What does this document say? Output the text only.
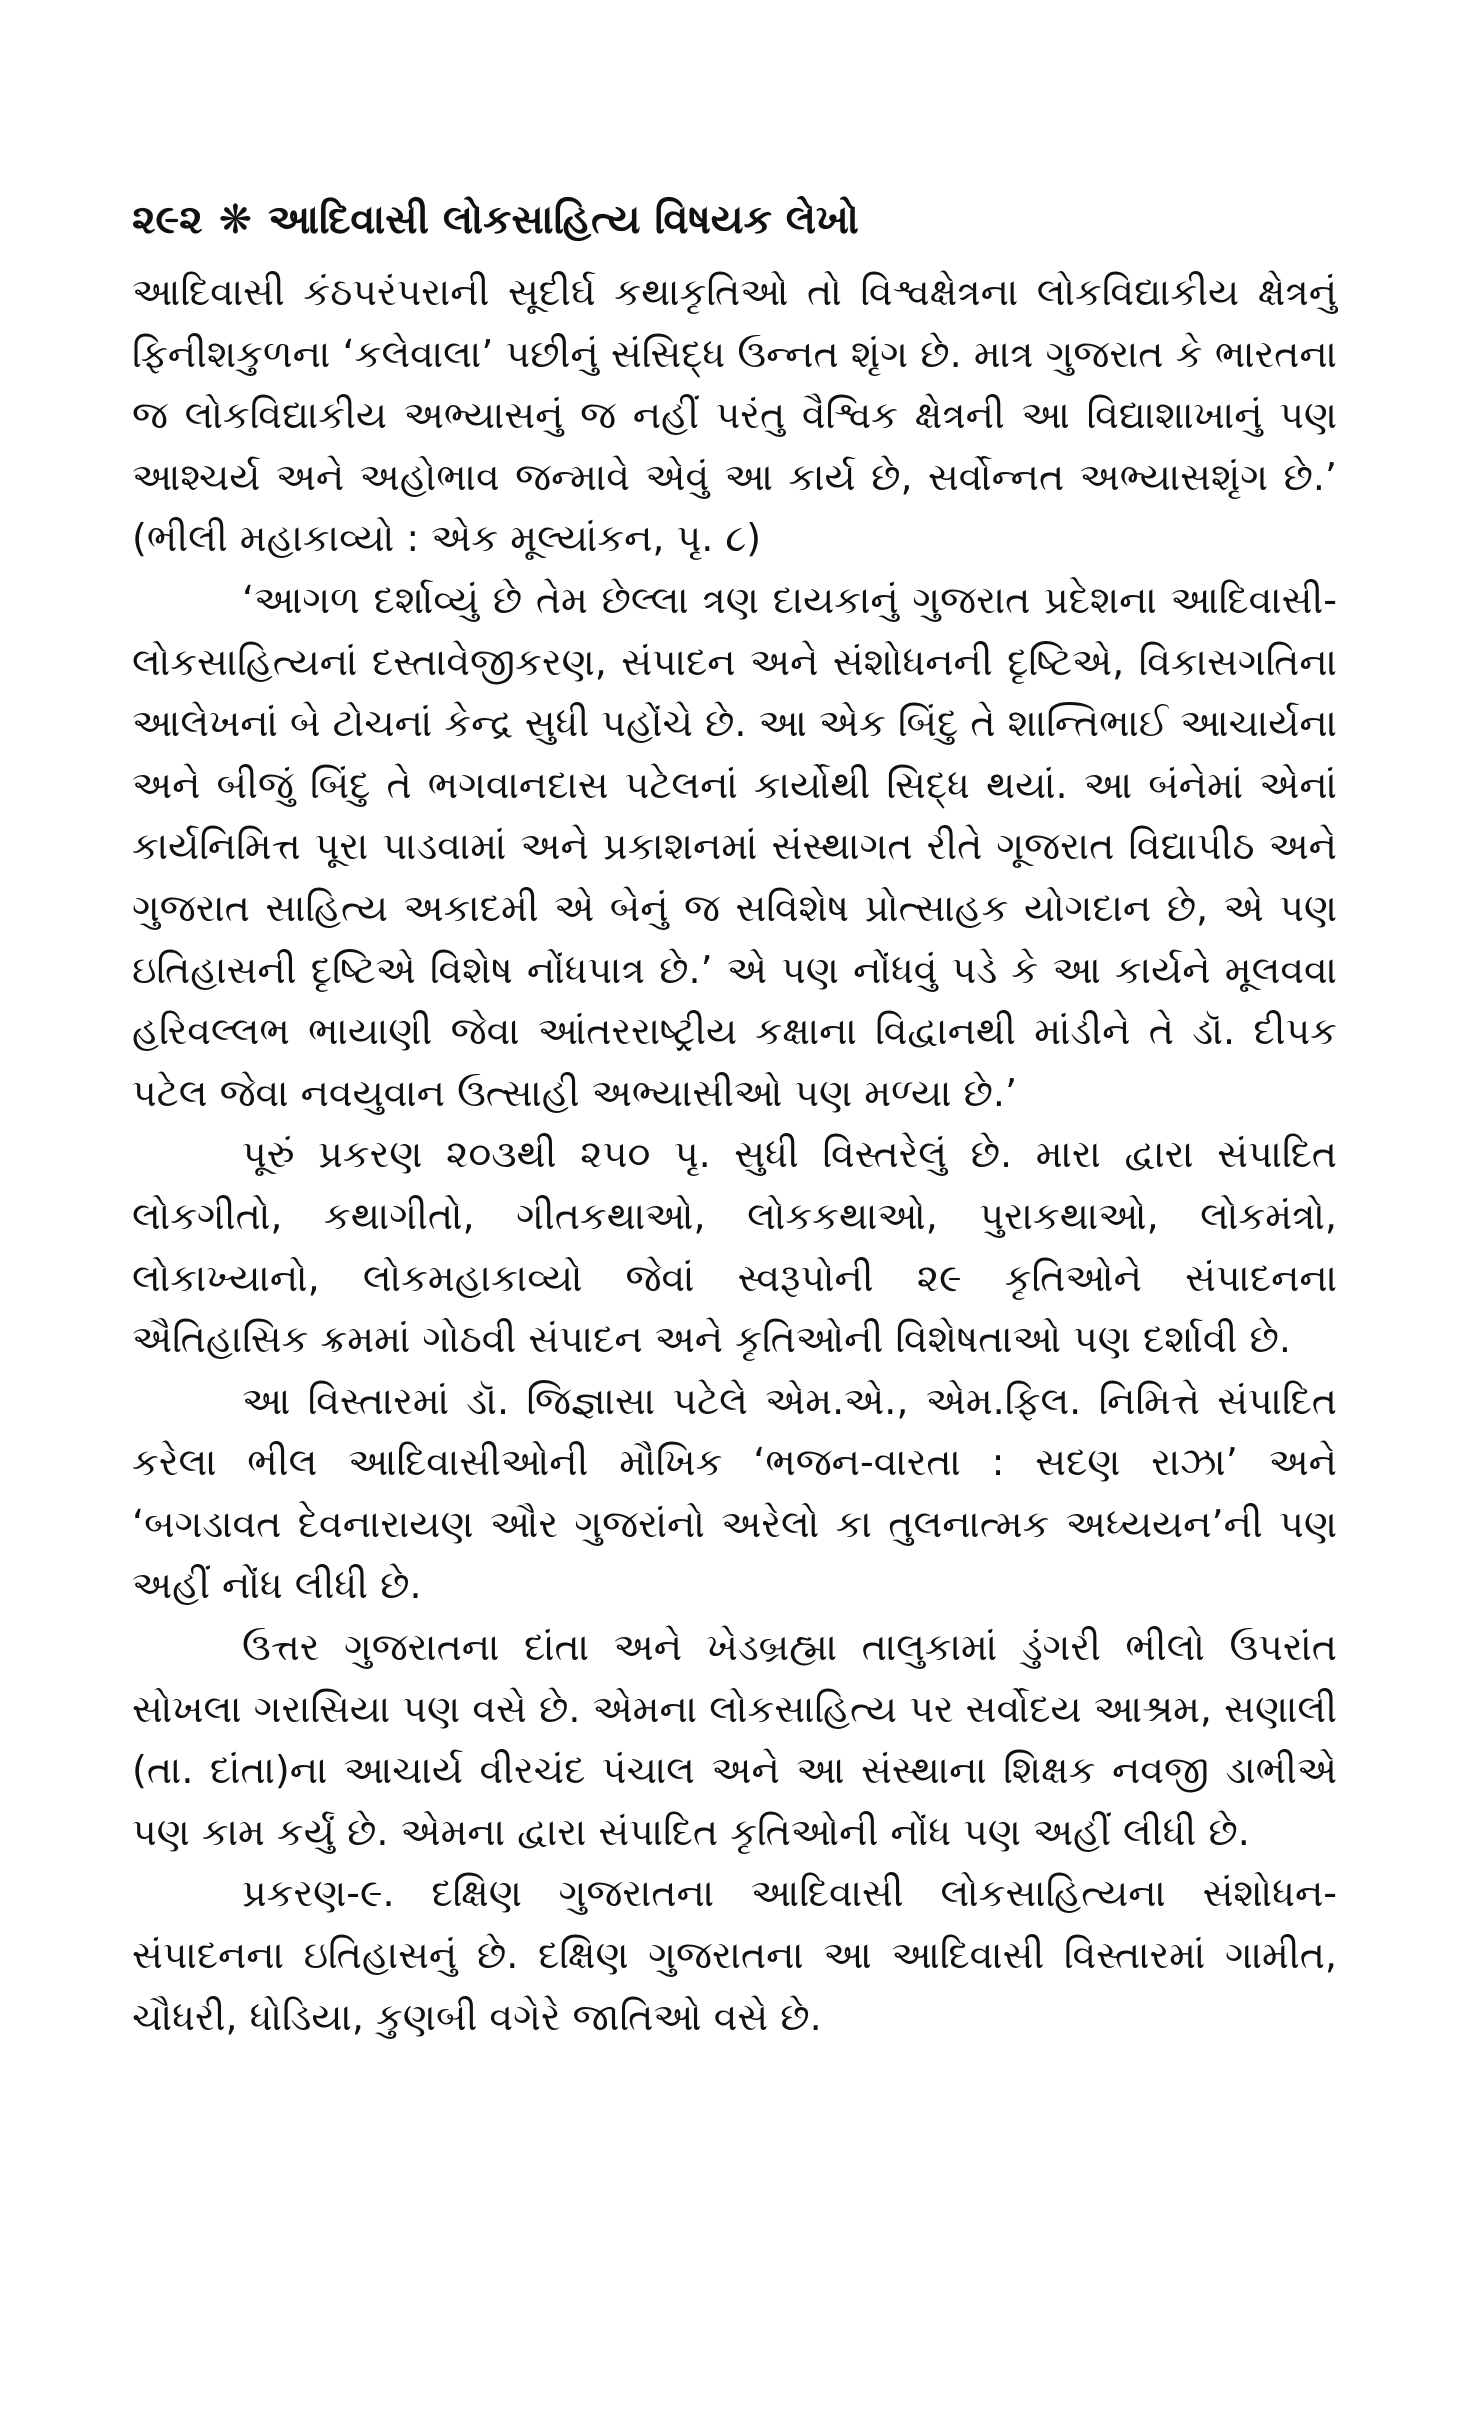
૨૯૨ ❋ આદિવાસી લોકસાહિત્ય વિષયક લેખો

આદિવાસી કંઠપરંપરાની સૂદીર્ઘ કથાકૃતિઓ તો વિશ્વક્ષેત્રના લોકવિદ્યાકીય ક્ષેત્રનું ફિનીશકુળના ‘કલેવાલા’ પછીનું સંસિદ્ધ ઉન્નત શૃંગ છે. માત્ર ગુજરાત કે ભારતના જ લોકવિદ્યાકીય અભ્યાસનું જ નહીં પરંતુ વૈશ્વિક ક્ષેત્રની આ વિદ્યાશાખાનું પણ આશ્ચર્ય અને અહોભાવ જન્માવે એવું આ કાર્ય છે, સર્વોન્નત અભ્યાસશૃંગ છે.’ (ભીલી મહાકાવ્યો : એક મૂલ્યાંકન, પૃ. ૮)

‘આગળ દર્શાવ્યું છે તેમ છેલ્લા ત્રણ દાયકાનું ગુજરાત પ્રદેશના આદિવાસી-લોકસાહિત્યનાં દસ્તાવેજીકરણ, સંપાદન અને સંશોધનની દૃષ્ટિએ, વિકાસગતિના આલેખનાં બે ટોચનાં કેન્દ્ર સુધી પહોંચે છે. આ એક બિંદુ તે શાન્તિભાઈ આચાર્યના અને બીજું બિંદુ તે ભગવાનદાસ પટેલનાં કાર્યોથી સિદ્ધ થયાં. આ બંનેમાં એનાં કાર્યનિમિત્ત પૂરા પાડવામાં અને પ્રકાશનમાં સંસ્થાગત રીતે ગૂજરાત વિદ્યાપીઠ અને ગુજરાત સાહિત્ય અકાદમી એ બેનું જ સવિશેષ પ્રોત્સાહક યોગદાન છે, એ પણ ઇતિહાસની દૃષ્ટિએ વિશેષ નોંધપાત્ર છે.’ એ પણ નોંધવું પડે કે આ કાર્યને મૂલવવા હરિવલ્લભ ભાયાણી જેવા આંતરરાષ્ટ્રીય કક્ષાના વિદ્વાનથી માંડીને તે ડૉ. દીપક પટેલ જેવા નવયુવાન ઉત્સાહી અભ્યાસીઓ પણ મળ્યા છે.’

પૂરું પ્રકરણ ૨૦૩થી ૨૫૦ પૃ. સુધી વિસ્તરેલું છે. મારા દ્વારા સંપાદિત લોકગીતો, કથાગીતો, ગીતકથાઓ, લોકકથાઓ, પુરાકથાઓ, લોકમંત્રો, લોકાખ્યાનો, લોકમહાકાવ્યો જેવાં સ્વરૂપોની ૨૯ કૃતિઓને સંપાદનના ઐતિહાસિક ક્રમમાં ગોઠવી સંપાદન અને કૃતિઓની વિશેષતાઓ પણ દર્શાવી છે.

આ વિસ્તારમાં ડૉ. જિજ્ઞાસા પટેલે એમ.એ., એમ.ફિલ. નિમિત્તે સંપાદિત કરેલા ભીલ આદિવાસીઓની મૌખિક ‘ભજન-વારતા : સદણ રાઝા’ અને ‘બગડાવત દેવનારાયણ ઔર ગુજરાંનો અરેલો કા તુલનાત્મક અધ્યયન’ની પણ અહીં નોંધ લીધી છે.

ઉત્તર ગુજરાતના દાંતા અને ખેડબ્રહ્મા તાલુકામાં ડુંગરી ભીલો ઉપરાંત સોખલા ગરાસિયા પણ વસે છે. એમના લોકસાહિત્ય પર સર્વોદય આશ્રમ, સણાલી (તા. દાંતા)ના આચાર્ય વીરચંદ પંચાલ અને આ સંસ્થાના શિક્ષક નવજી ડાભીએ પણ કામ કર્યું છે. એમના દ્વારા સંપાદિત કૃતિઓની નોંધ પણ અહીં લીધી છે.

પ્રકરણ-૯. દક્ષિણ ગુજરાતના આદિવાસી લોકસાહિત્યના સંશોધન-સંપાદનના ઇતિહાસનું છે. દક્ષિણ ગુજરાતના આ આદિવાસી વિસ્તારમાં ગામીત, ચૌધરી, ધોડિયા, કુણબી વગેરે જાતિઓ વસે છે.
